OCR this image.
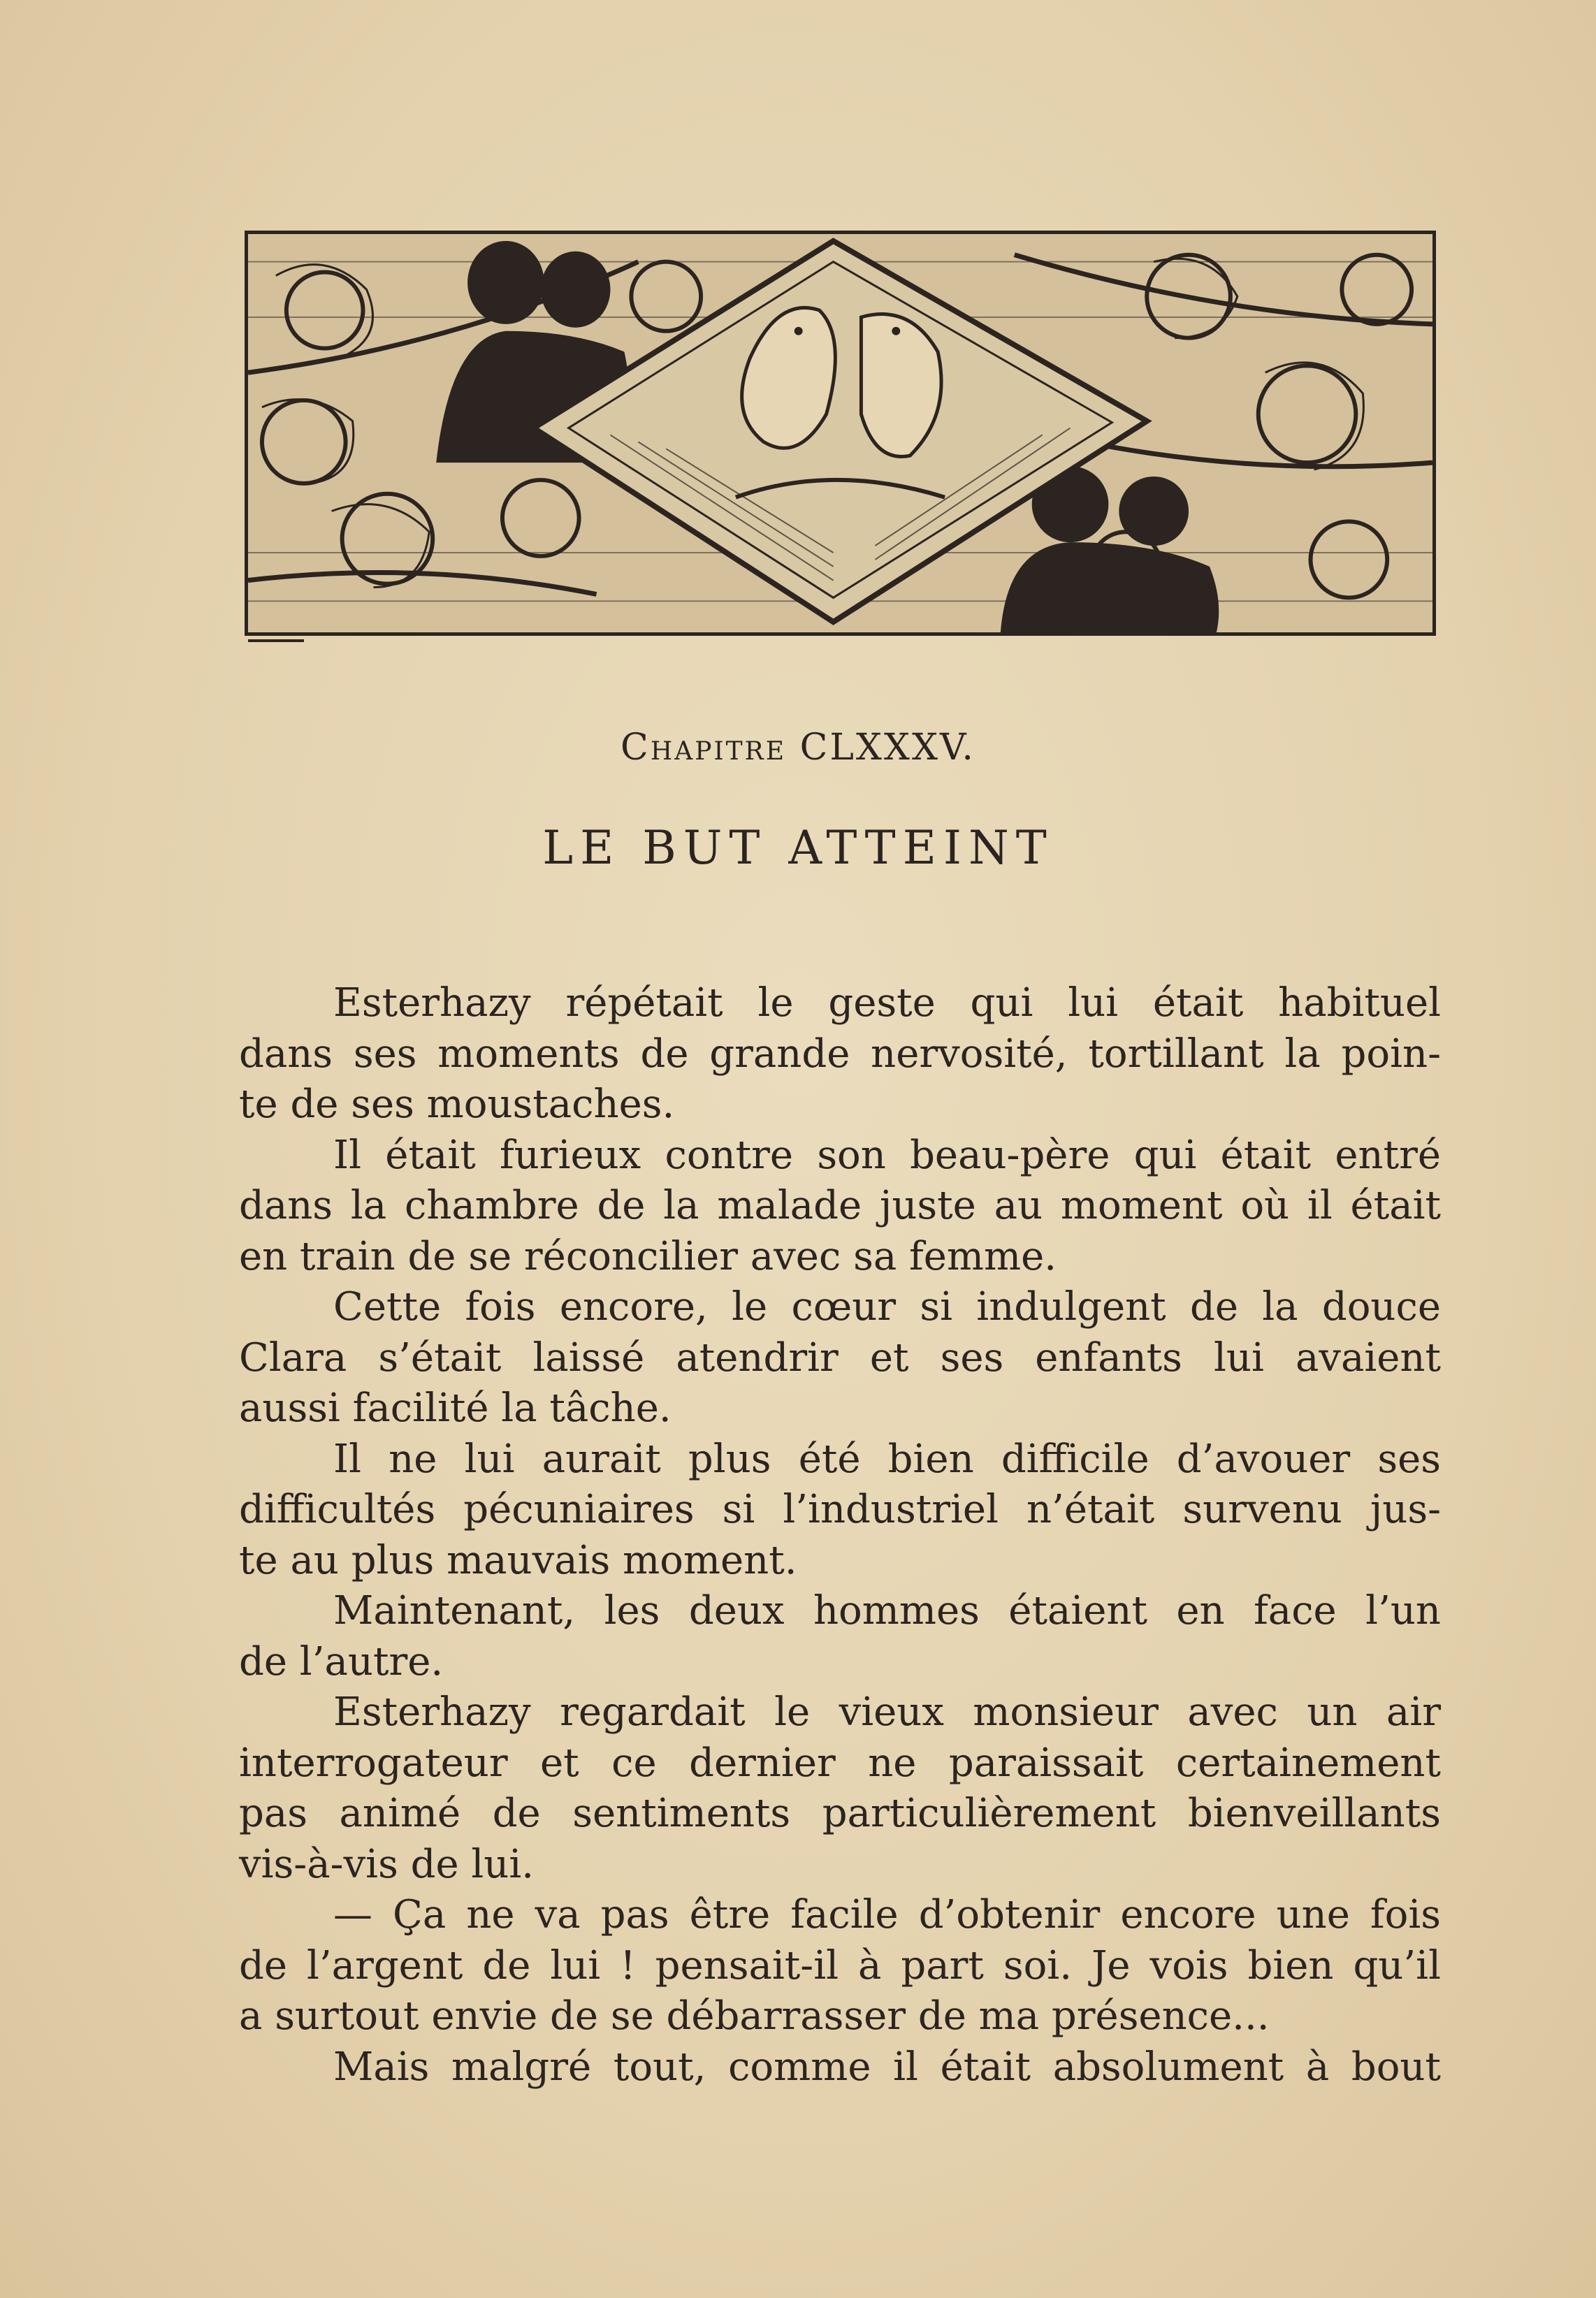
Chapitre CLXXXV.
LE BUT ATTEINT
Esterhazy répétait le geste qui lui était habituel
dans ses moments de grande nervosité, tortillant la poin-
te de ses moustaches.
Il était furieux contre son beau-père qui était entré
dans la chambre de la malade juste au moment où il était
en train de se réconcilier avec sa femme.
Cette fois encore, le cœur si indulgent de la douce
Clara s’était laissé atendrir et ses enfants lui avaient
aussi facilité la tâche.
Il ne lui aurait plus été bien difficile d’avouer ses
difficultés pécuniaires si l’industriel n’était survenu jus-
te au plus mauvais moment.
Maintenant, les deux hommes étaient en face l’un
de l’autre.
Esterhazy regardait le vieux monsieur avec un air
interrogateur et ce dernier ne paraissait certainement
pas animé de sentiments particulièrement bienveillants
vis-à-vis de lui.
— Ça ne va pas être facile d’obtenir encore une fois
de l’argent de lui ! pensait-il à part soi. Je vois bien qu’il
a surtout envie de se débarrasser de ma présence...
Mais malgré tout, comme il était absolument à bout
